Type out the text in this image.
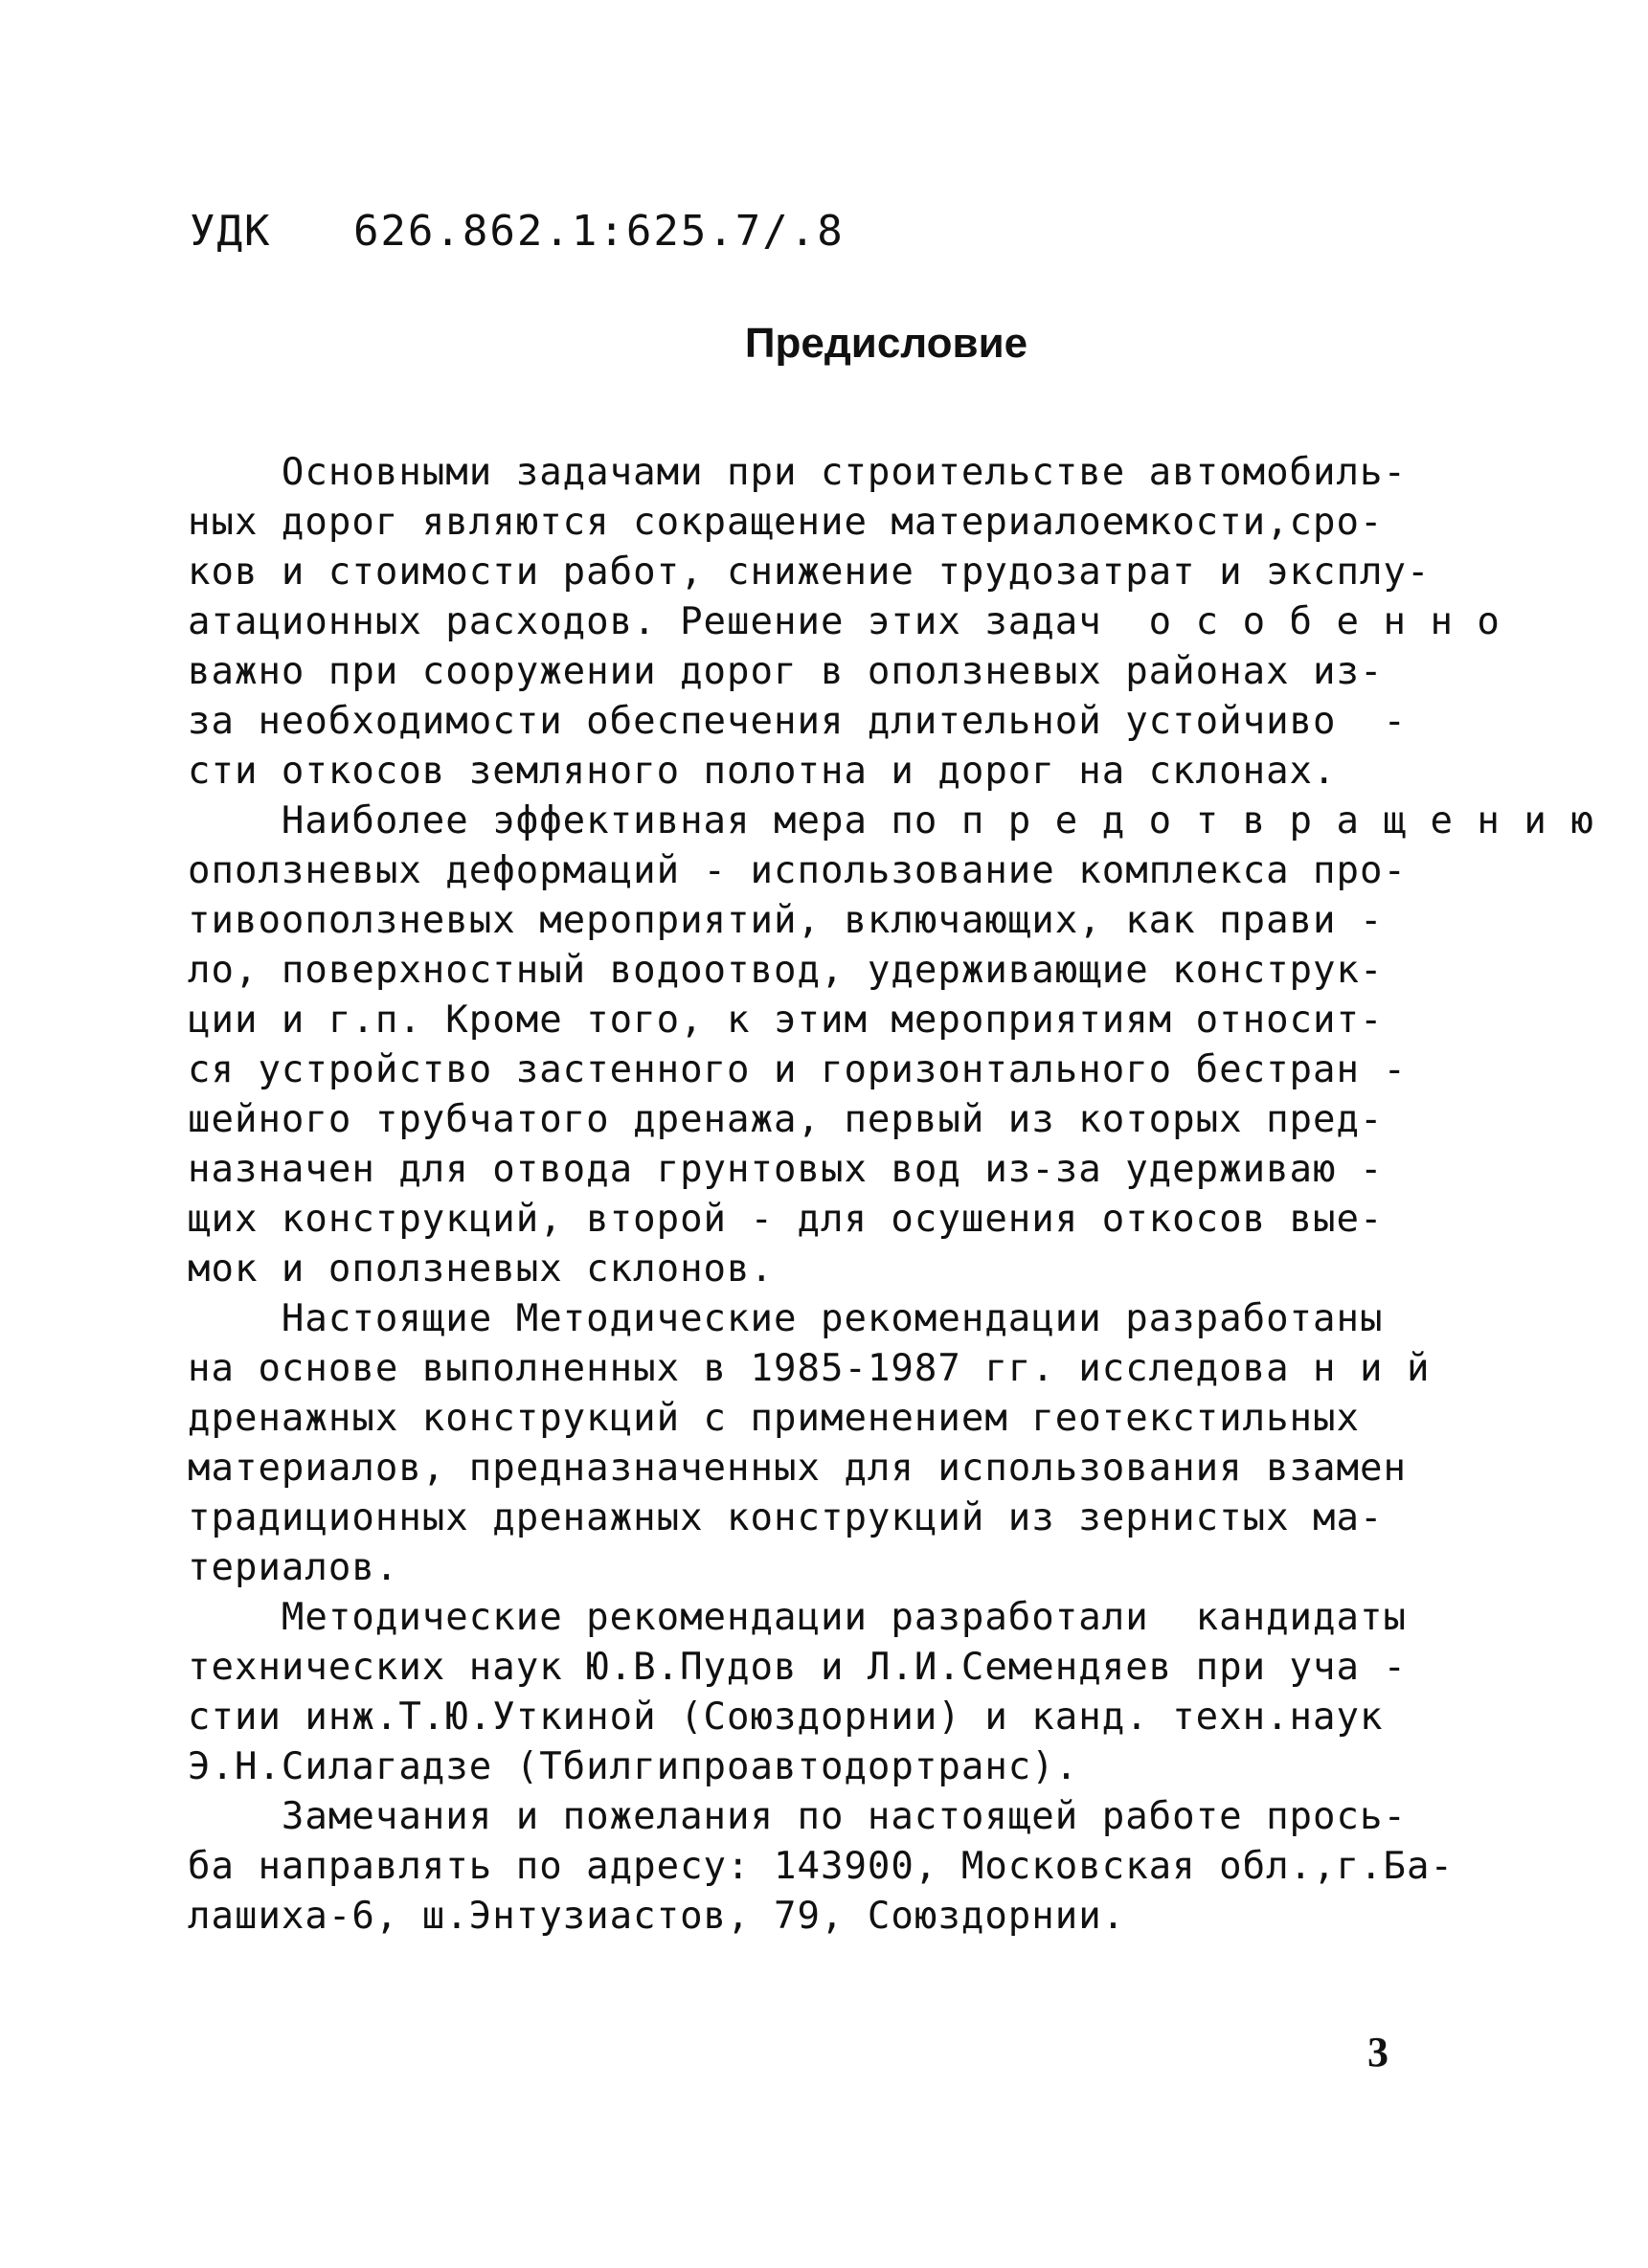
УДК   626.862.1:625.7/.8
Предисловие
Основными задачами при строительстве автомобиль-
ных дорог являются сокращение материалоемкости,сро-
ков и стоимости работ, снижение трудозатрат и эксплу-
атационных расходов. Решение этих задач  о с о б е н н о
важно при сооружении дорог в оползневых районах из-
за необходимости обеспечения длительной устойчиво  -
сти откосов земляного полотна и дорог на склонах.
Наиболее эффективная мера по п р е д о т в р а щ е н и ю
оползневых деформаций - использование комплекса про-
тивооползневых мероприятий, включающих, как прави -
ло, поверхностный водоотвод, удерживающие конструк-
ции и г.п. Кроме того, к этим мероприятиям относит-
ся устройство застенного и горизонтального бестран -
шейного трубчатого дренажа, первый из которых пред-
назначен для отвода грунтовых вод из-за удерживаю -
щих конструкций, второй - для осушения откосов вые-
мок и оползневых склонов.
Настоящие Методические рекомендации разработаны
на основе выполненных в 1985-1987 гг. исследова н и й
дренажных конструкций с применением геотекстильных
материалов, предназначенных для использования взамен
традиционных дренажных конструкций из зернистых ма-
териалов.
Методические рекомендации разработали  кандидаты
технических наук Ю.В.Пудов и Л.И.Семендяев при уча -
стии инж.Т.Ю.Уткиной (Союздорнии) и канд. техн.наук
Э.Н.Силагадзе (Тбилгипроавтодортранс).
Замечания и пожелания по настоящей работе прось-
ба направлять по адресу: 143900, Московская обл.,г.Ба-
лашиха-6, ш.Энтузиастов, 79, Союздорнии.
3
